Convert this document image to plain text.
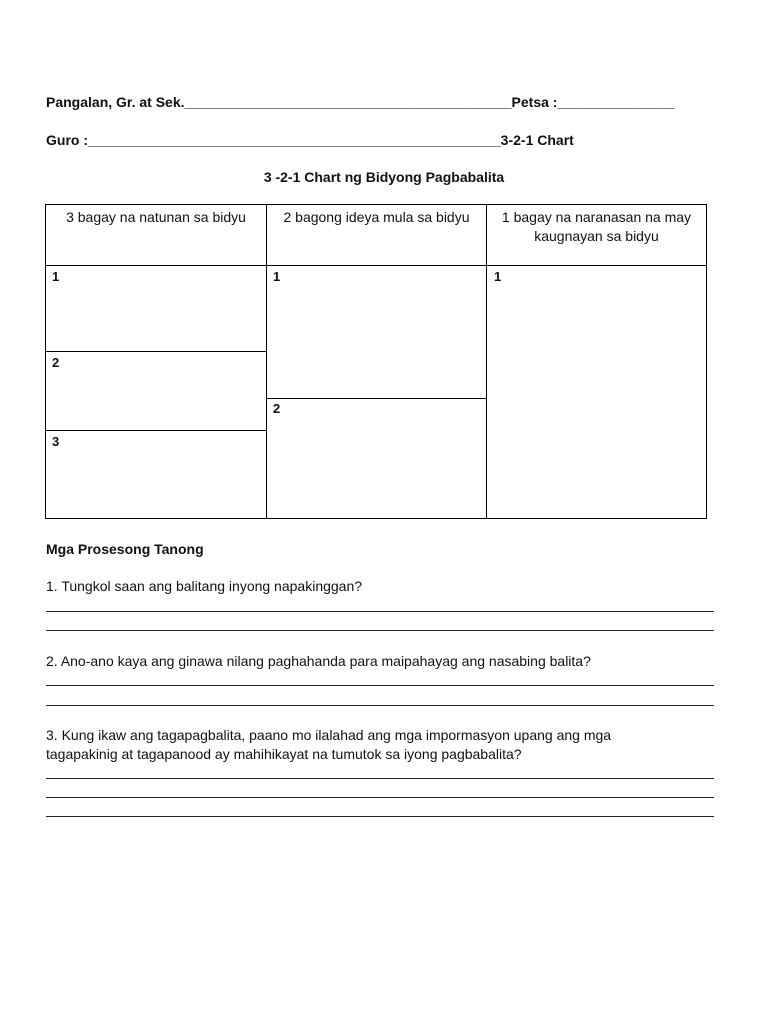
Pangalan, Gr. at Sek.__________________________________________Petsa :_______________
Guro :_____________________________________________________3-2-1 Chart
3 -2-1 Chart ng Bidyong Pagbabalita
3 bagay na natunan sa bidyu	2 bagong ideya mula sa bidyu	1 bagay na naranasan na may kaugnayan sa bidyu
1
2
3
1
2
1
Mga Prosesong Tanong
1. Tungkol saan ang balitang inyong napakinggan?
2. Ano-ano kaya ang ginawa nilang paghahanda para maipahayag ang nasabing balita?
3. Kung ikaw ang tagapagbalita, paano mo ilalahad ang mga impormasyon upang ang mga tagapakinig at tagapanood ay mahihikayat na tumutok sa iyong pagbabalita?
